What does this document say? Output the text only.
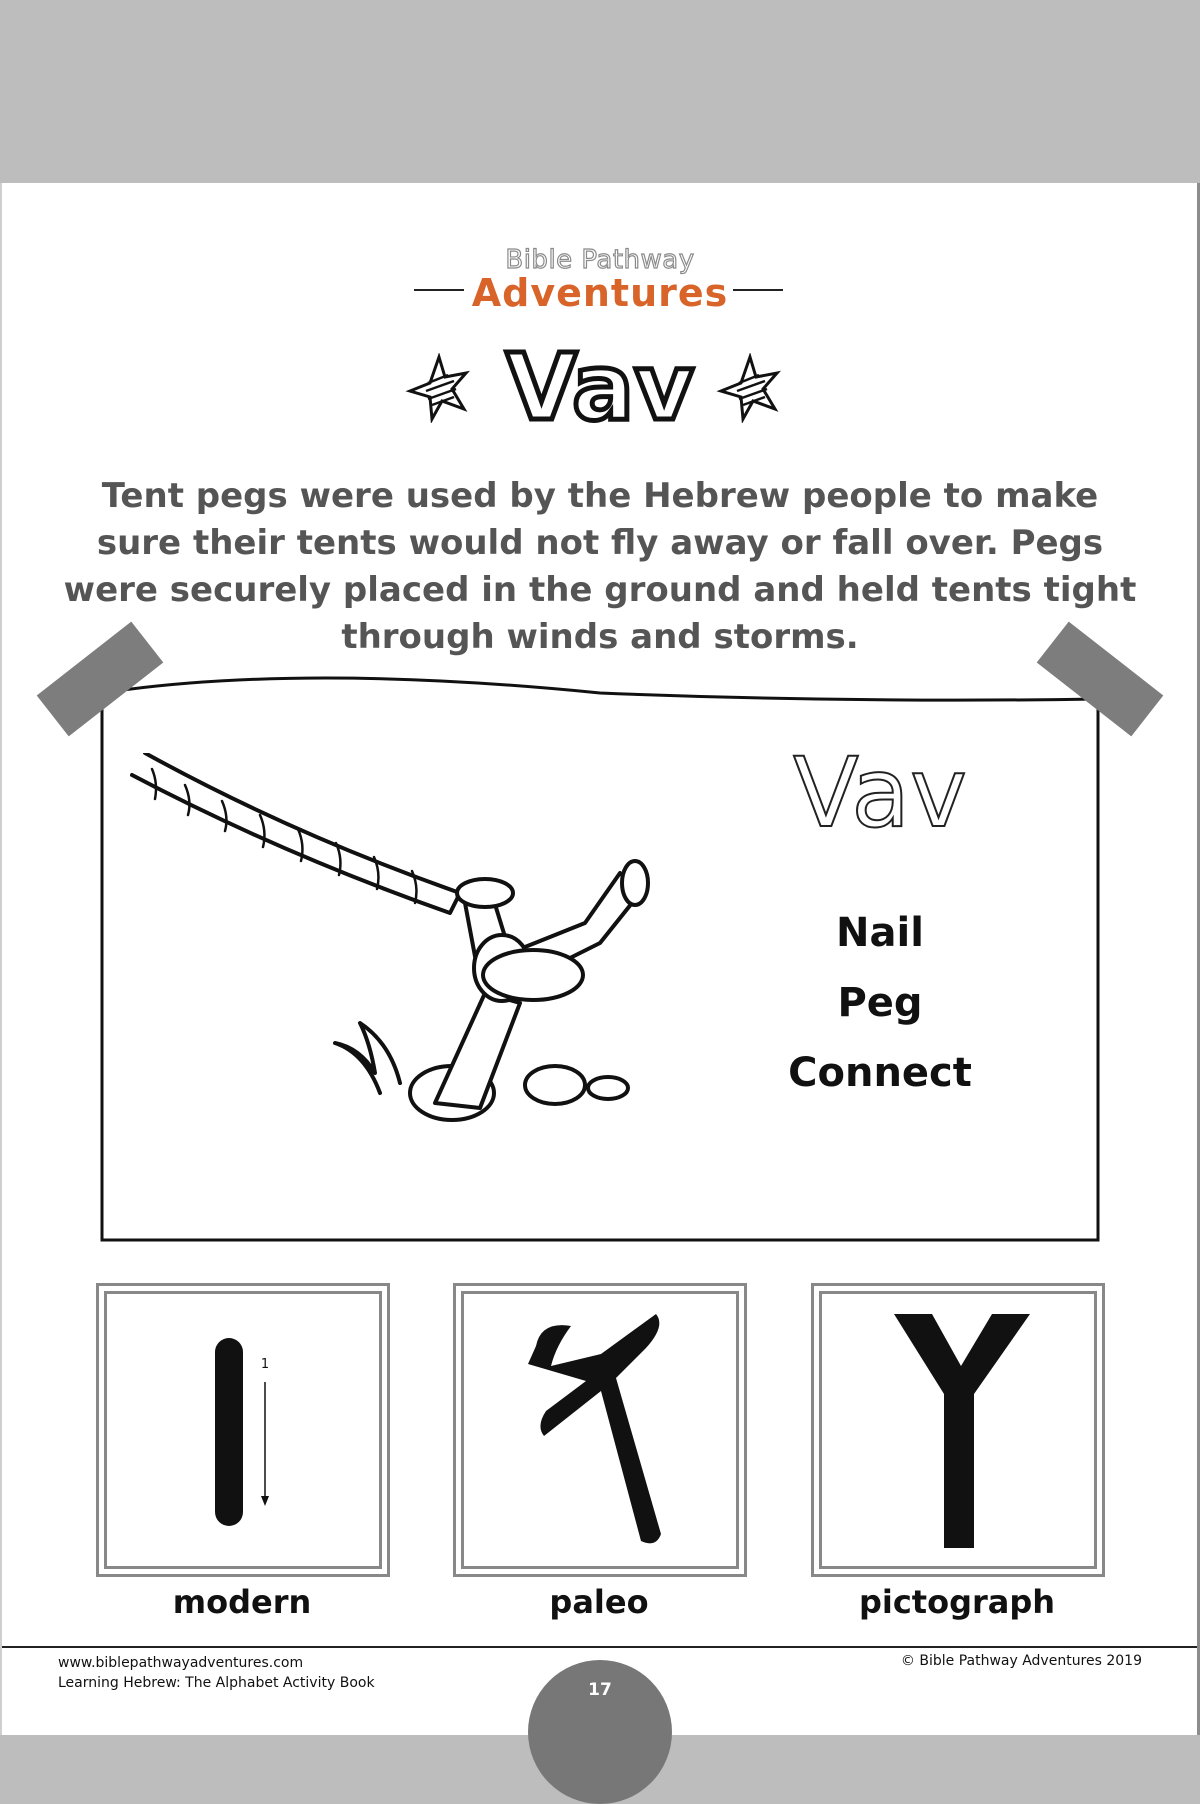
Bible Pathway
Adventures
Vav
Tent pegs were used by the Hebrew people to make sure their tents would not fly away or fall over. Pegs were securely placed in the ground and held tents tight through winds and storms.
Vav
Nail
Peg
Connect
1
modern	paleo	pictograph
www.biblepathwayadventures.com
Learning Hebrew: The Alphabet Activity Book
© Bible Pathway Adventures 2019
17
